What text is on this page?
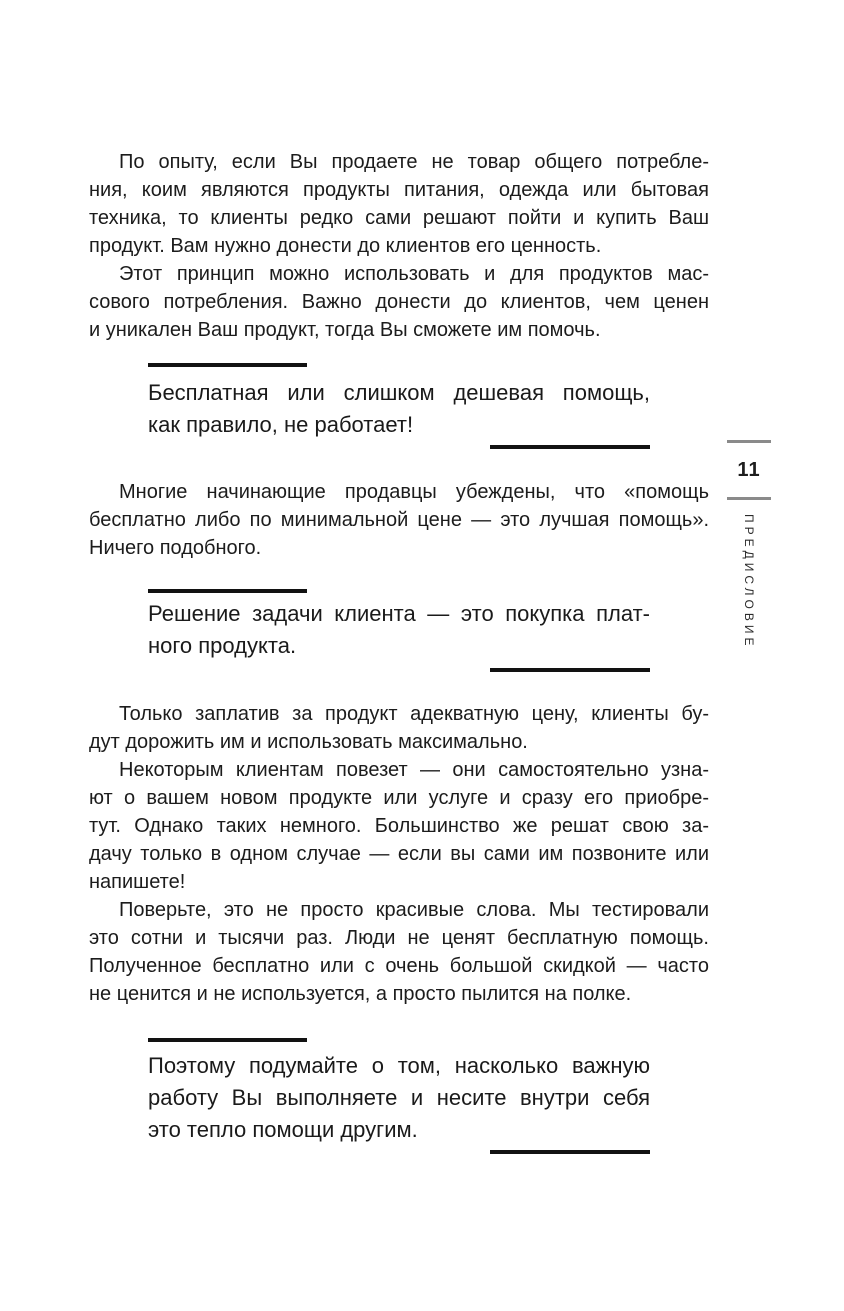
По опыту, если Вы продаете не товар общего потребле-
ния, коим являются продукты питания, одежда или бытовая
техника, то клиенты редко сами решают пойти и купить Ваш
продукт. Вам нужно донести до клиентов его ценность.
Этот принцип можно использовать и для продуктов мас-
сового потребления. Важно донести до клиентов, чем ценен
и уникален Ваш продукт, тогда Вы сможете им помочь.
Бесплатная или слишком дешевая помощь,
как правило, не работает!
Многие начинающие продавцы убеждены, что «помощь
бесплатно либо по минимальной цене — это лучшая помощь».
Ничего подобного.
Решение задачи клиента — это покупка плат-
ного продукта.
Только заплатив за продукт адекватную цену, клиенты бу-
дут дорожить им и использовать максимально.
Некоторым клиентам повезет — они самостоятельно узна-
ют о вашем новом продукте или услуге и сразу его приобре-
тут. Однако таких немного. Большинство же решат свою за-
дачу только в одном случае — если вы сами им позвоните или
напишете!
Поверьте, это не просто красивые слова. Мы тестировали
это сотни и тысячи раз. Люди не ценят бесплатную помощь.
Полученное бесплатно или с очень большой скидкой — часто
не ценится и не используется, а просто пылится на полке.
Поэтому подумайте о том, насколько важную
работу Вы выполняете и несите внутри себя
это тепло помощи другим.
11
ПРЕДИСЛОВИЕ
